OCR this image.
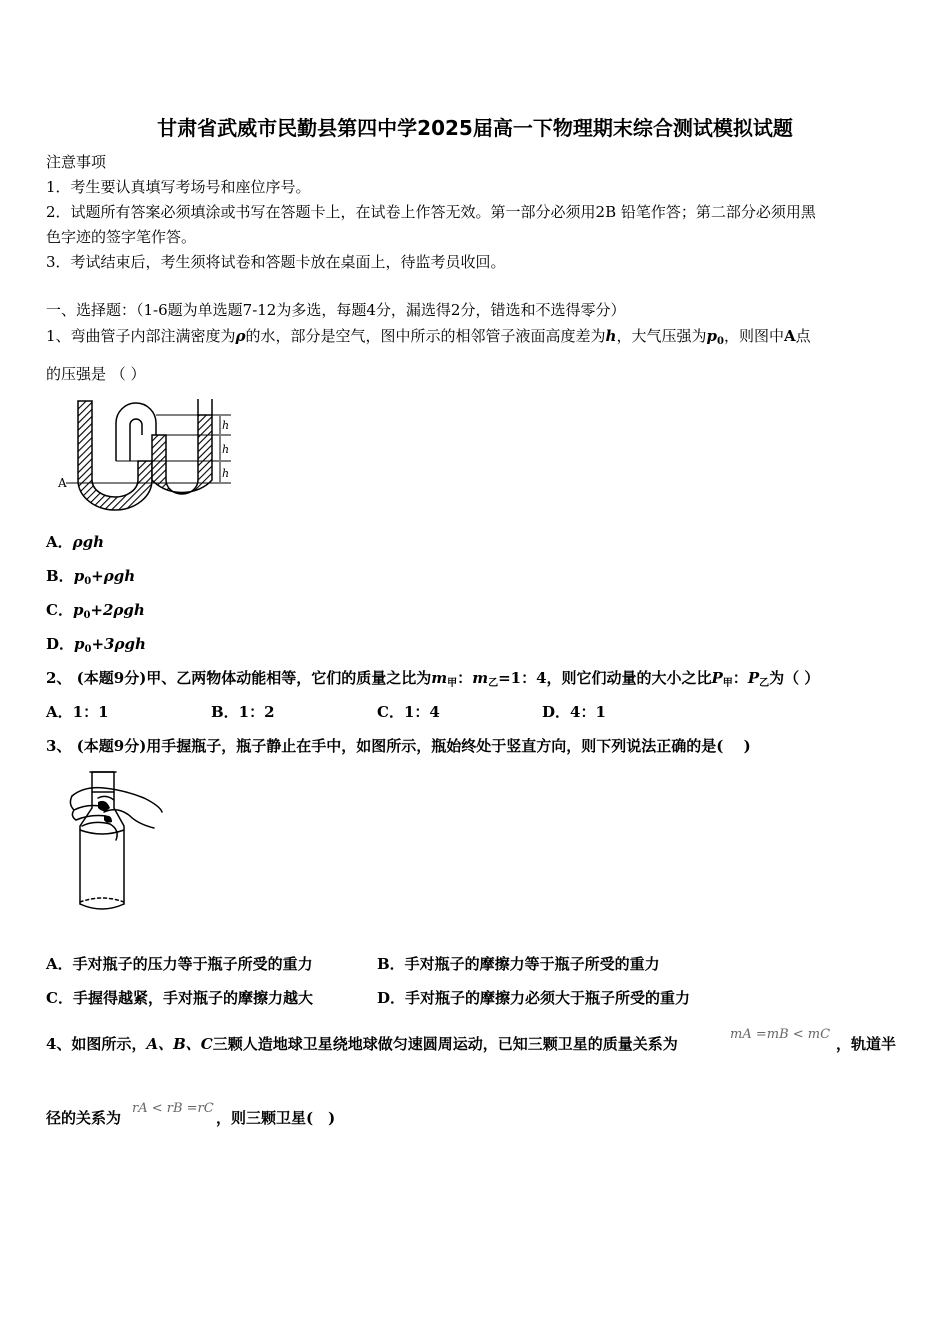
甘肃省武威市民勤县第四中学2025届高一下物理期末综合测试模拟试题
注意事项
1．考生要认真填写考场号和座位序号。
2．试题所有答案必须填涂或书写在答题卡上，在试卷上作答无效。第一部分必须用2B 铅笔作答；第二部分必须用黑
色字迹的签字笔作答。
3．考试结束后，考生须将试卷和答题卡放在桌面上，待监考员收回。
一、选择题：（1-6题为单选题7-12为多选，每题4分，漏选得2分，错选和不选得零分）
1、弯曲管子内部注满密度为ρ的水，部分是空气，图中所示的相邻管子液面高度差为h，大气压强为$p_0$，则图中A点
的压强是 （ ）
h
h
h
A
A．ρgh
B．$p_0+\rho gh$
C．$p_0+2\rho gh$
D．$p_0+3\rho gh$
2、 (本题9分)甲、乙两物体动能相等，它们的质量之比为$m_甲$：$m_乙=1$：4，则它们动量的大小之比$P_甲$：$P_乙$为（ ）
A．1：1	B．1：2	C．1：4	D．4：1
3、 (本题9分)用手握瓶子，瓶子静止在手中，如图所示，瓶始终处于竖直方向，则下列说法正确的是(　 )
A．手对瓶子的压力等于瓶子所受的重力	B．手对瓶子的摩擦力等于瓶子所受的重力
C．手握得越紧，手对瓶子的摩擦力越大	D．手对瓶子的摩擦力必须大于瓶子所受的重力
4、如图所示，A、B、C三颗人造地球卫星绕地球做匀速圆周运动，已知三颗卫星的质量关系为
mA =mB < mC
，轨道半
径的关系为
rA < rB =rC
，则三颗卫星(　)
